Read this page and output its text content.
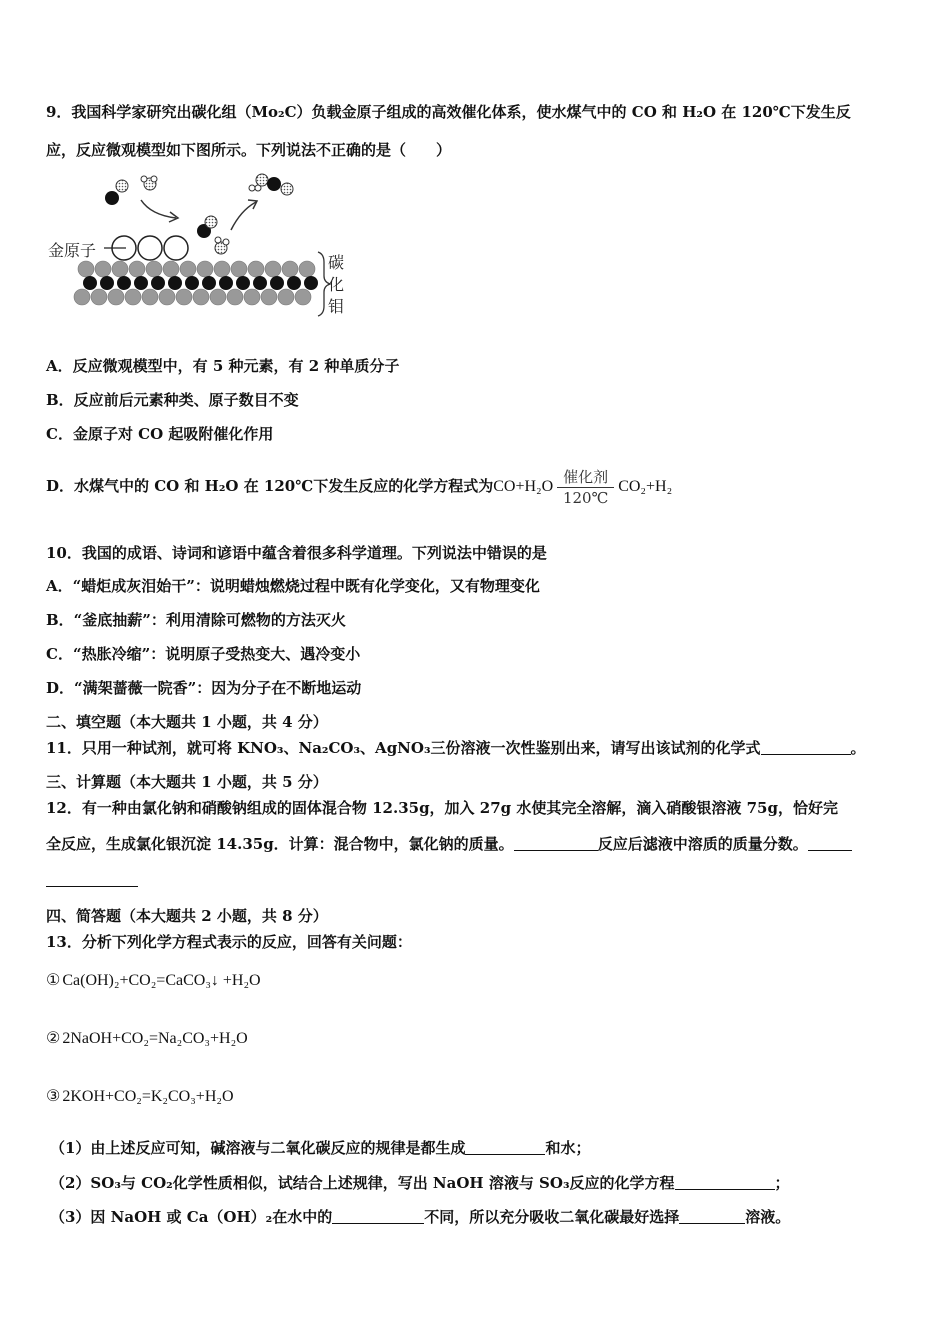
9．我国科学家研究出碳化组（Mo₂C）负载金原子组成的高效催化体系，使水煤气中的 CO 和 H₂O 在 120℃下发生反
应，反应微观模型如下图所示。下列说法不正确的是（　　）
金原子
碳化钼
A．反应微观模型中，有 5 种元素，有 2 种单质分子
B．反应前后元素种类、原子数目不变
C．金原子对 CO 起吸附催化作用
D．水煤气中的 CO 和 H₂O 在 120℃下发生反应的化学方程式为$CO+H_2O \frac{\text{催化剂}}{120℃} CO_2+H_2$
10．我国的成语、诗词和谚语中蕴含着很多科学道理。下列说法中错误的是
A．“蜡炬成灰泪始干”：说明蜡烛燃烧过程中既有化学变化，又有物理变化
B．“釜底抽薪”：利用清除可燃物的方法灭火
C．“热胀冷缩”：说明原子受热变大、遇冷变小
D．“满架蔷薇一院香”：因为分子在不断地运动
二、填空题（本大题共 1 小题，共 4 分）
11．只用一种试剂，就可将 KNO₃、Na₂CO₃、AgNO₃三份溶液一次性鉴别出来，请写出该试剂的化学式	。
三、计算题（本大题共 1 小题，共 5 分）
12．有一种由氯化钠和硝酸钠组成的固体混合物 12.35g，加入 27g 水使其完全溶解，滴入硝酸银溶液 75g，恰好完
全反应，生成氯化银沉淀 14.35g．计算：混合物中，氯化钠的质量。	反应后滤液中溶质的质量分数。
四、简答题（本大题共 2 小题，共 8 分）
13．分析下列化学方程式表示的反应，回答有关问题：
① Ca(OH)₂+CO₂=CaCO₃↓ +H₂O
② 2NaOH+CO₂=Na₂CO₃+H₂O
③ 2KOH+CO₂=K₂CO₃+H₂O
（1）由上述反应可知，碱溶液与二氧化碳反应的规律是都生成	和水；
（2）SO₃与 CO₂化学性质相似，试结合上述规律，写出 NaOH 溶液与 SO₃反应的化学方程	；
（3）因 NaOH 或 Ca（OH）₂在水中的	不同，所以充分吸收二氧化碳最好选择	溶液。
